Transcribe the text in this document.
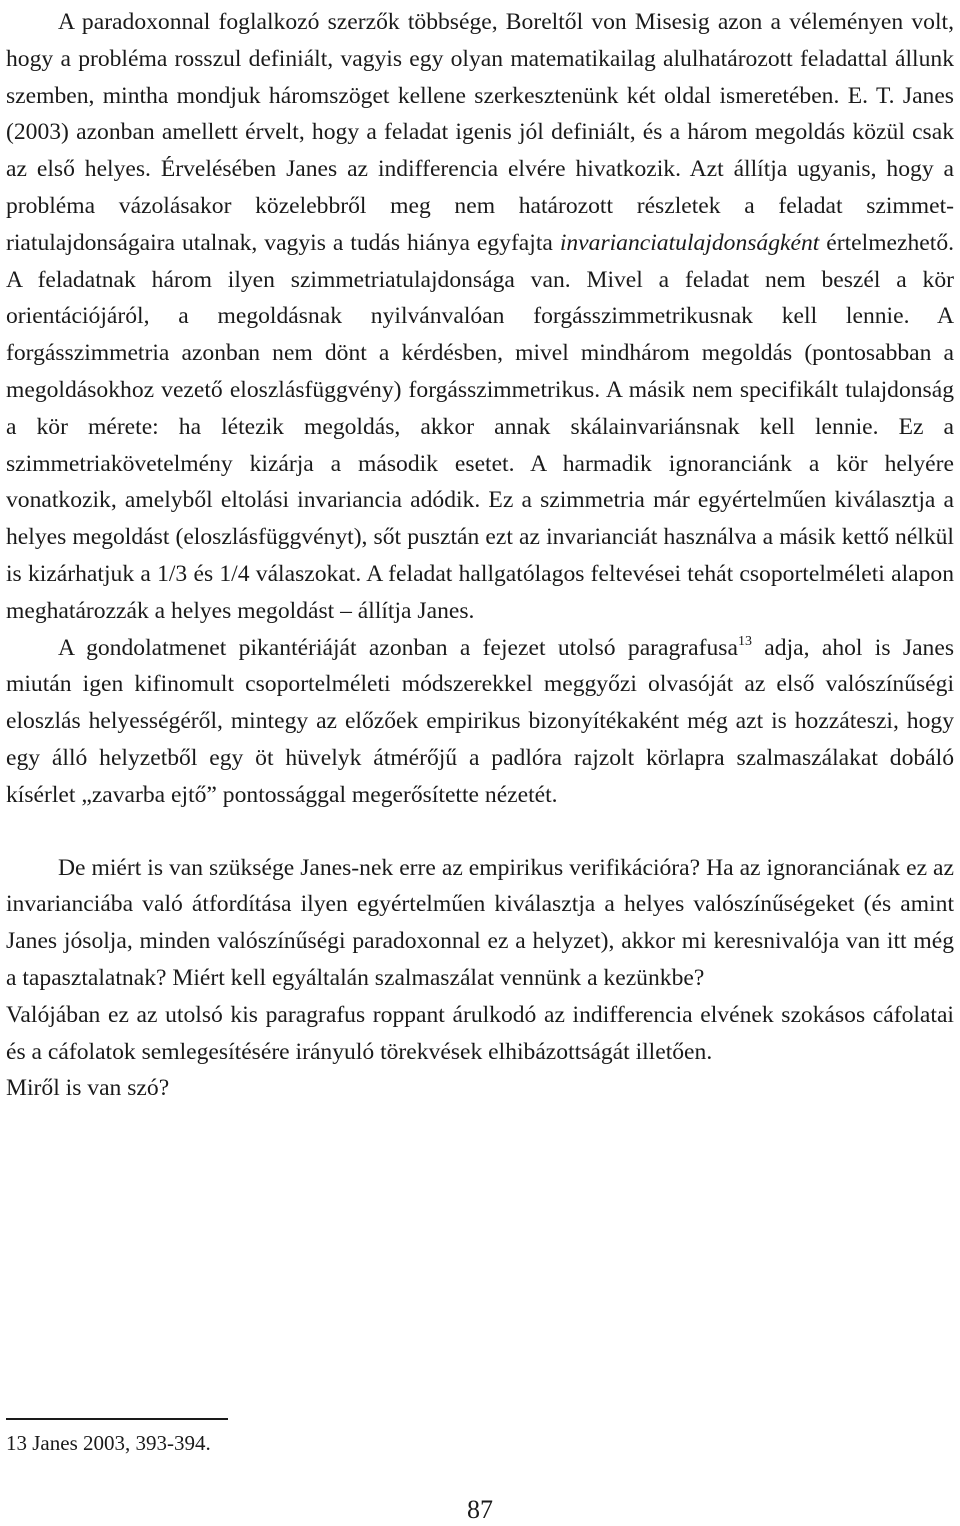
A paradoxonnal foglalkozó szerzők többsége, Boreltől von Misesig azon a véleményen volt, hogy a probléma rosszul definiált, vagyis egy olyan matematikailag alulhatározott feladattal állunk szemben, mintha mondjuk háromszöget kellene szerkesztenünk két oldal ismeretében. E. T. Janes (2003) azonban amellett érvelt, hogy a feladat igenis jól definiált, és a három megoldás közül csak az első helyes. Érvelésében Janes az indifferencia elvére hivatkozik. Azt állítja ugyanis, hogy a probléma vázolásakor közelebbről meg nem határozott részletek a feladat szimmetriatulajdonságaira utalnak, vagyis a tudás hiánya egyfajta invarianciatulajdonságként értelmezhető. A feladatnak három ilyen szimmetriatulajdonsága van. Mivel a feladat nem beszél a kör orientációjáról, a megoldásnak nyilvánvalóan forgásszimmetrikusnak kell lennie. A forgásszimmetria azonban nem dönt a kérdésben, mivel mindhárom megoldás (pontosabban a megoldásokhoz vezető eloszlásfüggvény) forgásszimmetrikus. A másik nem specifikált tulajdonság a kör mérete: ha létezik megoldás, akkor annak skálainvariánsnak kell lennie. Ez a szimmetriakövetelmény kizárja a második esetet. A harmadik ignoranciánk a kör helyére vonatkozik, amelyből eltolási invariancia adódik. Ez a szimmetria már egyértelműen kiválasztja a helyes megoldást (eloszlásfüggvényt), sőt pusztán ezt az invarianciát használva a másik kettő nélkül is kizárhatjuk a 1/3 és 1/4 válaszokat. A feladat hallgatólagos feltevései tehát csoportelméleti alapon meghatározzák a helyes megoldást – állítja Janes.

A gondolatmenet pikantériáját azonban a fejezet utolsó paragrafusa$^{13}$ adja, ahol is Janes miután igen kifinomult csoportelméleti módszerekkel meggyőzi olvasóját az első valószínűségi eloszlás helyességéről, mintegy az előzőek empirikus bizonyítékaként még azt is hozzáteszi, hogy egy álló helyzetből egy öt hüvelyk átmérőjű a padlóra rajzolt körlapra szalmaszálakat dobáló kísérlet „zavarba ejtő” pontossággal megerősítette nézetét.

De miért is van szüksége Janes-nek erre az empirikus verifikációra? Ha az ignoranciának ez az invarianciába való átfordítása ilyen egyértelműen kiválasztja a helyes valószínűségeket (és amint Janes jósolja, minden valószínűségi paradoxonnal ez a helyzet), akkor mi keresnivalója van itt még a tapasztalatnak? Miért kell egyáltalán szalmaszálat vennünk a kezünkbe?

Valójában ez az utolsó kis paragrafus roppant árulkodó az indifferencia elvének szokásos cáfolatai és a cáfolatok semlegesítésére irányuló törekvések elhibázottságát illetően.

Miről is van szó?

13 Janes 2003, 393-394.
87
